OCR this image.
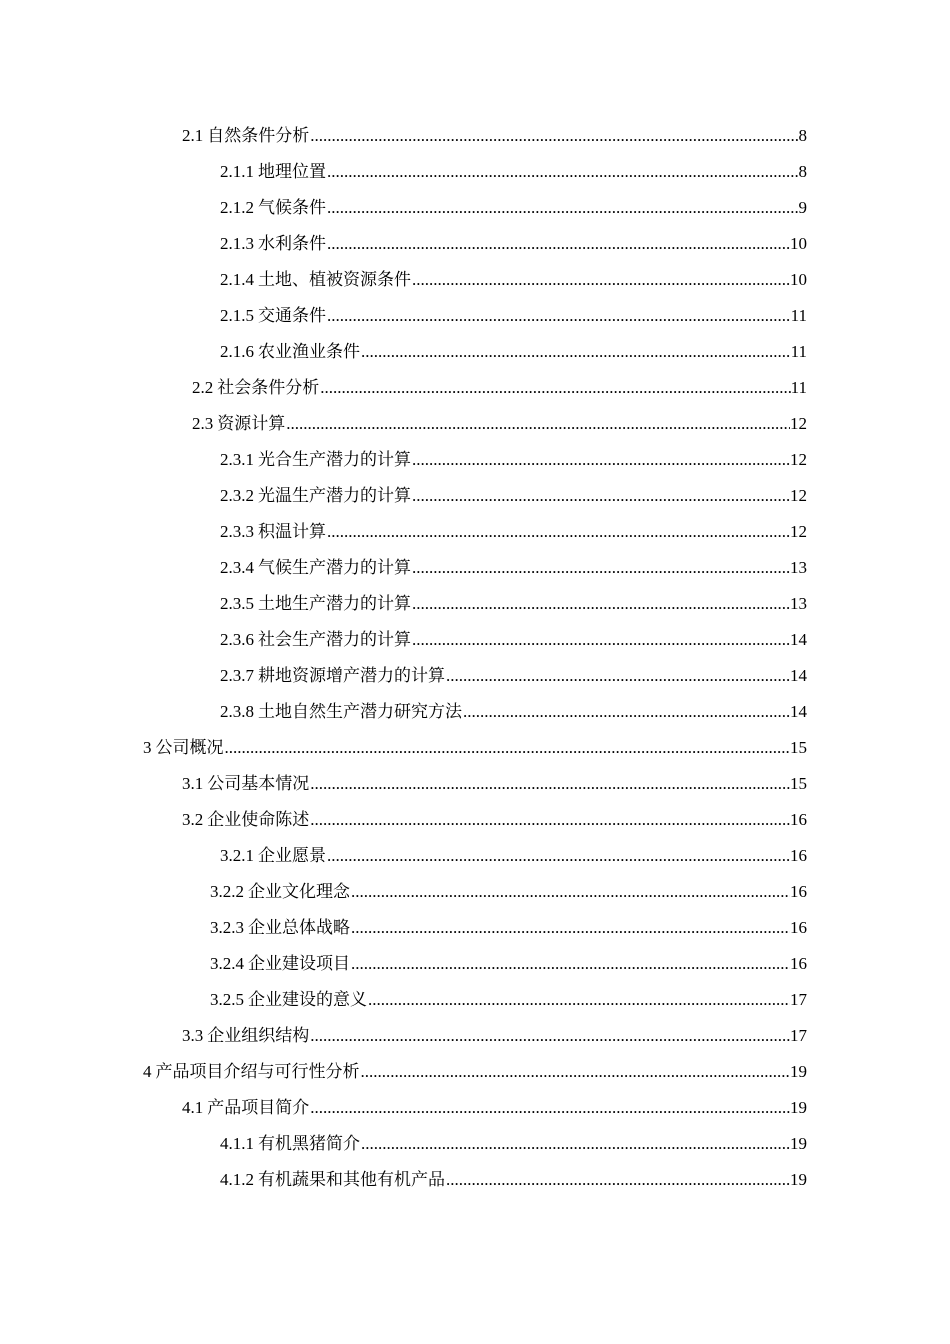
2.1 自然条件分析 .....	8
2.1.1 地理位置 .....	8
2.1.2 气候条件 .....	9
2.1.3 水利条件 .....	10
2.1.4 土地、植被资源条件 .....	10
2.1.5 交通条件 .....	11
2.1.6 农业渔业条件 .....	11
2.2 社会条件分析 .....	11
2.3 资源计算 .....	12
2.3.1 光合生产潜力的计算 .....	12
2.3.2 光温生产潜力的计算 .....	12
2.3.3 积温计算 .....	12
2.3.4 气候生产潜力的计算 .....	13
2.3.5 土地生产潜力的计算 .....	13
2.3.6 社会生产潜力的计算 .....	14
2.3.7 耕地资源增产潜力的计算 .....	14
2.3.8 土地自然生产潜力研究方法 .....	14
3 公司概况 .....	15
3.1 公司基本情况 .....	15
3.2 企业使命陈述 .....	16
3.2.1 企业愿景 .....	16
3.2.2 企业文化理念 .....	16
3.2.3 企业总体战略 .....	16
3.2.4 企业建设项目 .....	16
3.2.5 企业建设的意义 .....	17
3.3 企业组织结构 .....	17
4 产品项目介绍与可行性分析 .....	19
4.1 产品项目简介 .....	19
4.1.1 有机黑猪简介 .....	19
4.1.2 有机蔬果和其他有机产品 .....	19
